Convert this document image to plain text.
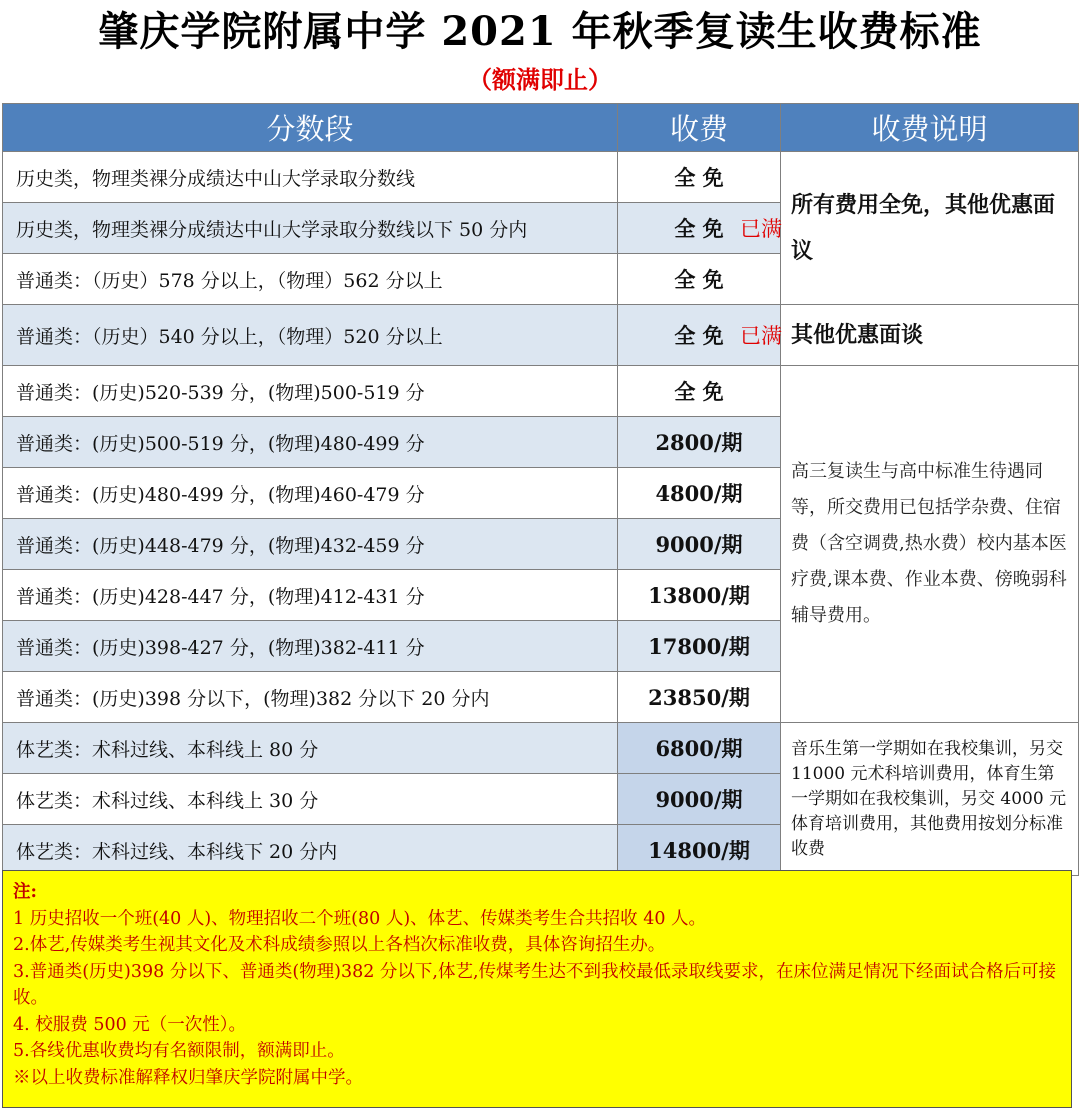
肇庆学院附属中学 2021 年秋季复读生收费标准
（额满即止）
分数段	收费	收费说明
历史类，物理类裸分成绩达中山大学录取分数线	全 免	所有费用全免，其他优惠面议
历史类，物理类裸分成绩达中山大学录取分数线以下 50 分内	全 免 已满	

普通类：（历史）578 分以上，（物理）562 分以上	全 免	
普通类：（历史）540 分以上，（物理）520 分以上	全 免 已满	其他优惠面谈
普通类：(历史)520-539 分，(物理)500-519 分	全 免	高三复读生与高中标准生待遇同等，所交费用已包括学杂费、住宿费（含空调费,热水费）校内基本医疗费,课本费、作业本费、傍晚弱科辅导费用。
普通类：(历史)500-519 分，(物理)480-499 分	2800/期	
普通类：(历史)480-499 分，(物理)460-479 分	4800/期	
普通类：(历史)448-479 分，(物理)432-459 分	9000/期	
普通类：(历史)428-447 分，(物理)412-431 分	13800/期	
普通类：(历史)398-427 分，(物理)382-411 分	17800/期	
普通类：(历史)398 分以下，(物理)382 分以下 20 分内	23850/期	
体艺类：术科过线、本科线上 80 分	6800/期	音乐生第一学期如在我校集训，另交 11000 元术科培训费用，体育生第一学期如在我校集训，另交 4000 元体育培训费用，其他费用按划分标准收费
体艺类：术科过线、本科线上 30 分	9000/期	
体艺类：术科过线、本科线下 20 分内	14800/期	
注:
1 历史招收一个班(40 人)、物理招收二个班(80 人)、体艺、传媒类考生合共招收 40 人。
2.体艺,传媒类考生视其文化及术科成绩参照以上各档次标准收费，具体咨询招生办。
3.普通类(历史)398 分以下、普通类(物理)382 分以下,体艺,传煤考生达不到我校最低录取线要求，在床位满足情况下经面试合格后可接收。
4. 校服费 500 元（一次性）。
5.各线优惠收费均有名额限制，额满即止。
※以上收费标准解释权归肇庆学院附属中学。
